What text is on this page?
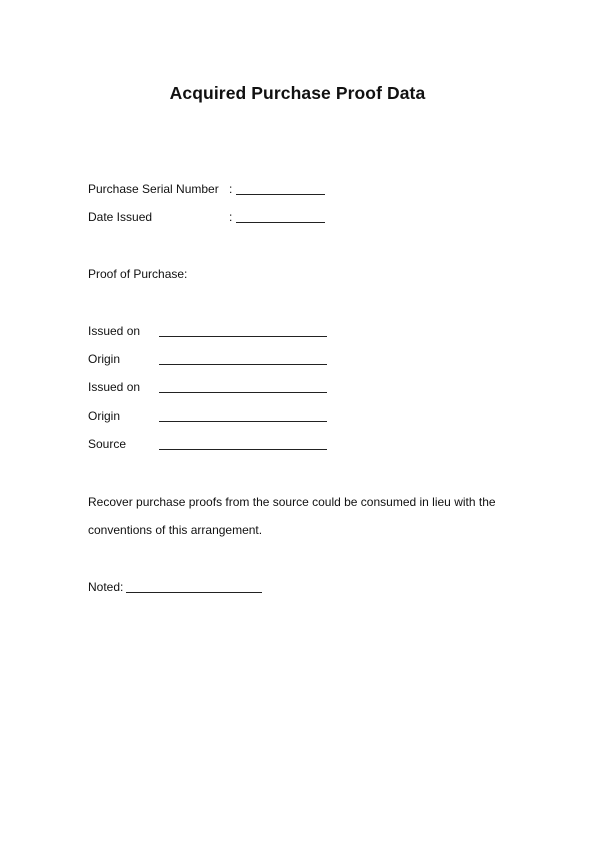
Acquired Purchase Proof Data
Purchase Serial Number :
Date Issued	:
Proof of Purchase:
Issued on
Origin
Issued on
Origin
Source
Recover purchase proofs from the source could be consumed in lieu with the
conventions of this arrangement.
Noted:
